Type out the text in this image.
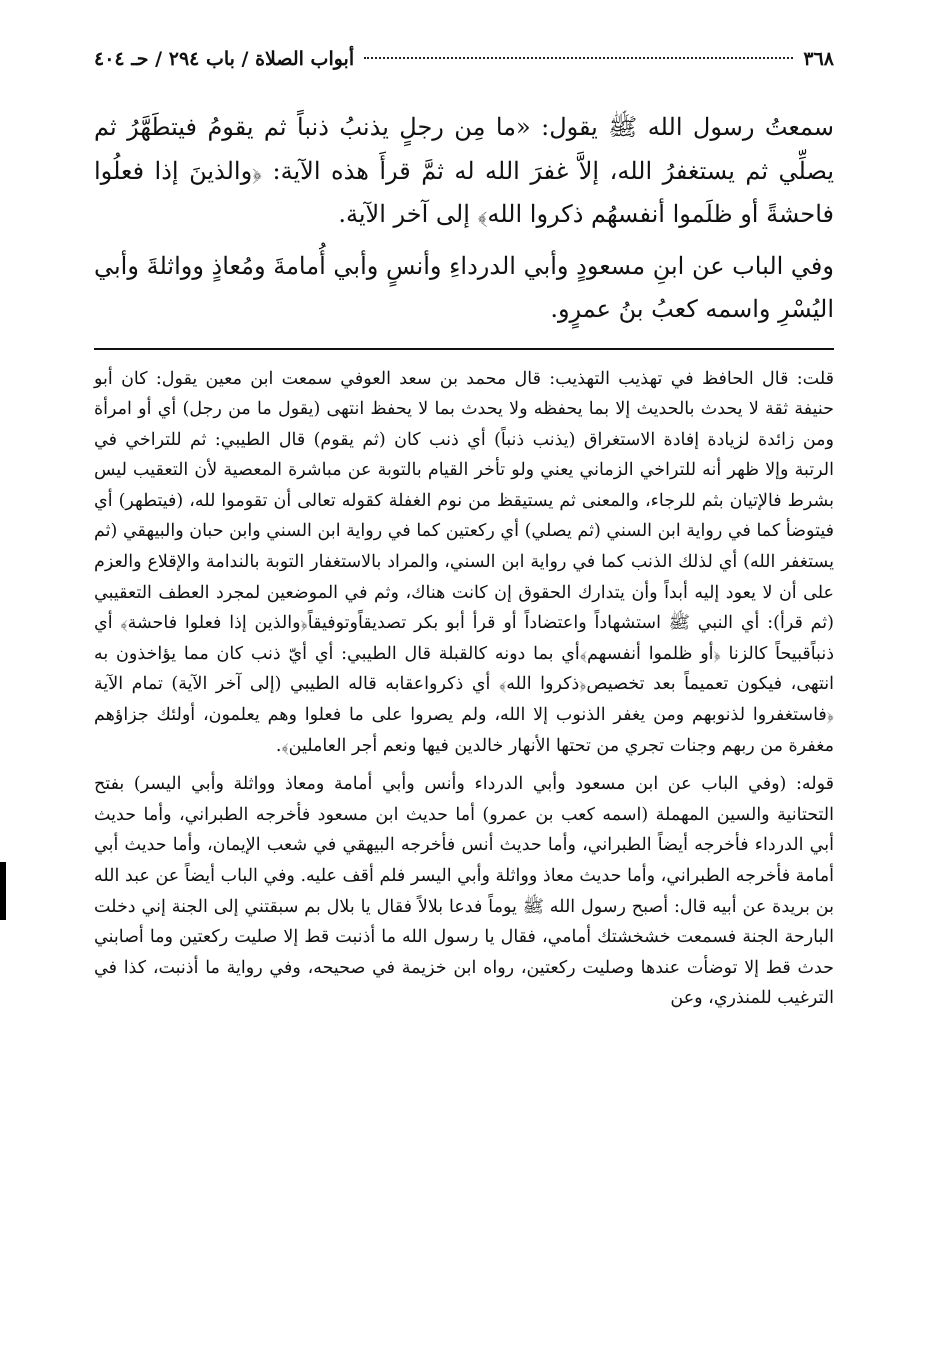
٣٦٨
أبواب الصلاة / باب ٢٩٤ / حـ ٤٠٤

سمعتُ رسول الله ﷺ يقول: «ما مِن رجلٍ يذنبُ ذنباً ثم يقومُ فيتطَهَّرُ ثم يصلِّي ثم يستغفرُ الله، إلاَّ غفرَ الله له ثمَّ قرأَ هذه الآية: ﴿والذينَ إذا فعلُوا فاحشةً أو ظلَموا أنفسهُم ذكروا الله﴾ إلى آخر الآية.

وفي الباب عن ابنِ مسعودٍ وأبي الدرداءِ وأنسٍ وأبي أُمامةَ ومُعاذٍ وواثلةَ وأبي اليُسْرِ واسمه كعبُ بنُ عمرٍو.

قلت: قال الحافظ في تهذيب التهذيب: قال محمد بن سعد العوفي سمعت ابن معين يقول: كان أبو حنيفة ثقة لا يحدث بالحديث إلا بما يحفظه ولا يحدث بما لا يحفظ انتهى (يقول ما من رجل) أي أو امرأة ومن زائدة لزيادة إفادة الاستغراق (يذنب ذنباً) أي ذنب كان (ثم يقوم) قال الطيبي: ثم للتراخي في الرتبة وإلا ظهر أنه للتراخي الزماني يعني ولو تأخر القيام بالتوبة عن مباشرة المعصية لأن التعقيب ليس بشرط فالإتيان بثم للرجاء، والمعنى ثم يستيقظ من نوم الغفلة كقوله تعالى أن تقوموا لله، (فيتطهر) أي فيتوضأ كما في رواية ابن السني (ثم يصلي) أي ركعتين كما في رواية ابن السني وابن حبان والبيهقي (ثم يستغفر الله) أي لذلك الذنب كما في رواية ابن السني، والمراد بالاستغفار التوبة بالندامة والإقلاع والعزم على أن لا يعود إليه أبداً وأن يتدارك الحقوق إن كانت هناك، وثم في الموضعين لمجرد العطف التعقيبي (ثم قرأ): أي النبي ﷺ استشهاداً واعتضاداً أو قرأ أبو بكر تصديقاًوتوفيقاً﴿والذين إذا فعلوا فاحشة﴾ أي ذنباًقبيحاً كالزنا ﴿أو ظلموا أنفسهم﴾أي بما دونه كالقبلة قال الطيبي: أي أيّ ذنب كان مما يؤاخذون به انتهى، فيكون تعميماً بعد تخصيص﴿ذكروا الله﴾ أي ذكرواعقابه قاله الطيبي (إلى آخر الآية) تمام الآية ﴿فاستغفروا لذنوبهم ومن يغفر الذنوب إلا الله، ولم يصروا على ما فعلوا وهم يعلمون، أولئك جزاؤهم مغفرة من ربهم وجنات تجري من تحتها الأنهار خالدين فيها ونعم أجر العاملين﴾.

قوله: (وفي الباب عن ابن مسعود وأبي الدرداء وأنس وأبي أمامة ومعاذ وواثلة وأبي اليسر) بفتح التحتانية والسين المهملة (اسمه كعب بن عمرو) أما حديث ابن مسعود فأخرجه الطبراني، وأما حديث أبي الدرداء فأخرجه أيضاً الطبراني، وأما حديث أنس فأخرجه البيهقي في شعب الإيمان، وأما حديث أبي أمامة فأخرجه الطبراني، وأما حديث معاذ وواثلة وأبي اليسر فلم أقف عليه. وفي الباب أيضاً عن عبد الله بن بريدة عن أبيه قال: أصبح رسول الله ﷺ يوماً فدعا بلالاً فقال يا بلال بم سبقتني إلى الجنة إني دخلت البارحة الجنة فسمعت خشخشتك أمامي، فقال يا رسول الله ما أذنبت قط إلا صليت ركعتين وما أصابني حدث قط إلا توضأت عندها وصليت ركعتين، رواه ابن خزيمة في صحيحه، وفي رواية ما أذنبت، كذا في الترغيب للمنذري، وعن
